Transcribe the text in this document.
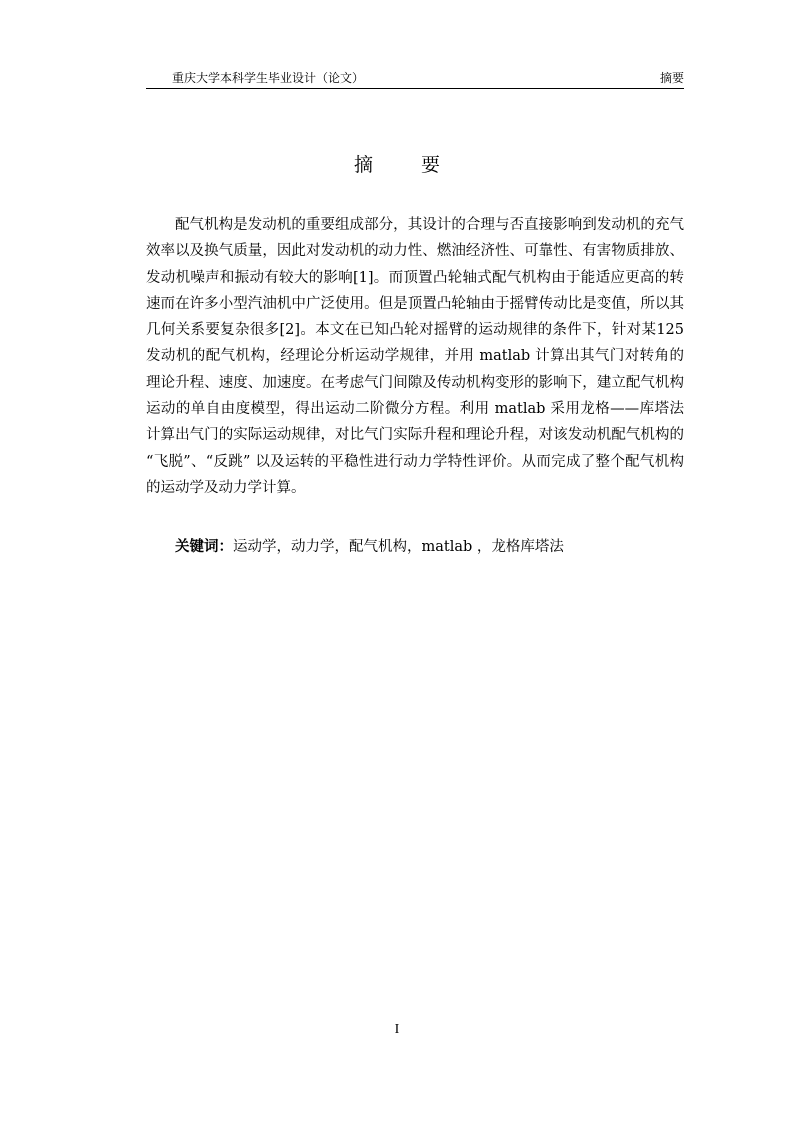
重庆大学本科学生毕业设计（论文）	摘要
摘	要

配气机构是发动机的重要组成部分，其设计的合理与否直接影响到发动机的充气效率以及换气质量，因此对发动机的动力性、燃油经济性、可靠性、有害物质排放、发动机噪声和振动有较大的影响[1]。而顶置凸轮轴式配气机构由于能适应更高的转速而在许多小型汽油机中广泛使用。但是顶置凸轮轴由于摇臂传动比是变值，所以其几何关系要复杂很多[2]。本文在已知凸轮对摇臂的运动规律的条件下，针对某125发动机的配气机构，经理论分析运动学规律，并用 matlab 计算出其气门对转角的理论升程、速度、加速度。在考虑气门间隙及传动机构变形的影响下，建立配气机构运动的单自由度模型，得出运动二阶微分方程。利用 matlab 采用龙格——库塔法计算出气门的实际运动规律，对比气门实际升程和理论升程，对该发动机配气机构的 “飞脱”、“反跳” 以及运转的平稳性进行动力学特性评价。从而完成了整个配气机构的运动学及动力学计算。

关键词：运动学，动力学，配气机构，matlab ，龙格库塔法

I
